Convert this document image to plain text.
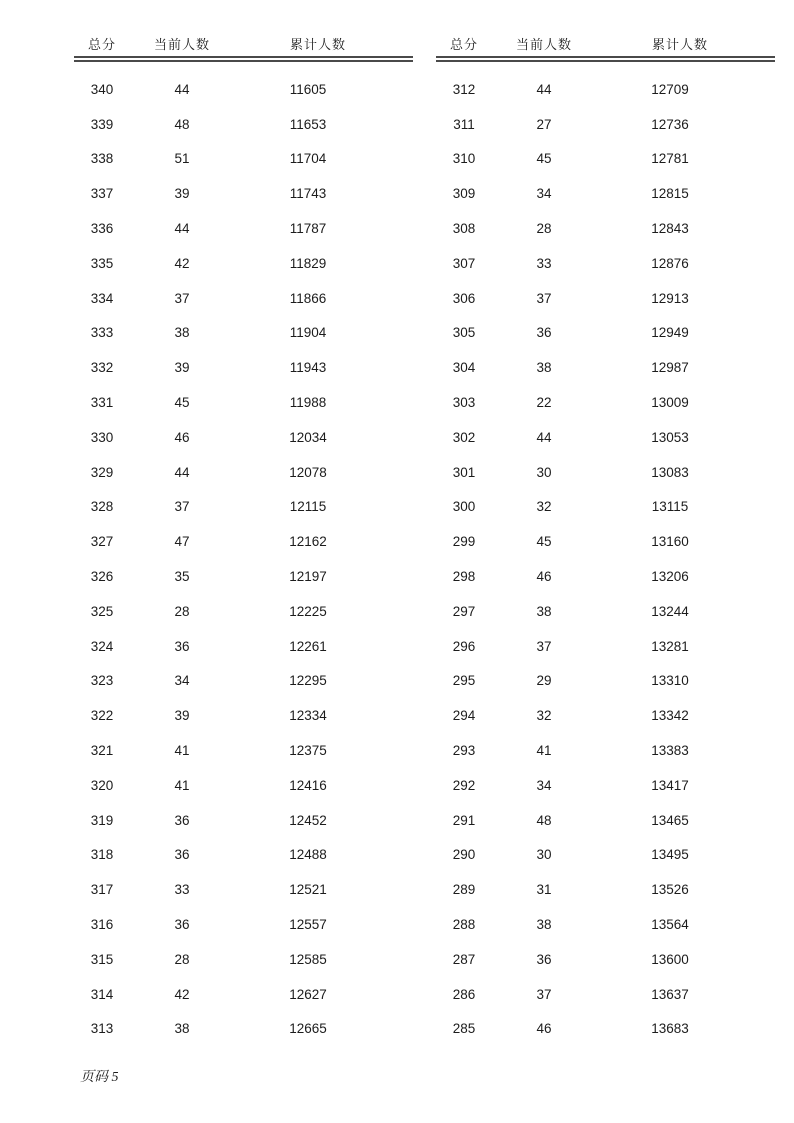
总分	当前人数	累计人数
340	44	11605
339	48	11653
338	51	11704
337	39	11743
336	44	11787
335	42	11829
334	37	11866
333	38	11904
332	39	11943
331	45	11988
330	46	12034
329	44	12078
328	37	12115
327	47	12162
326	35	12197
325	28	12225
324	36	12261
323	34	12295
322	39	12334
321	41	12375
320	41	12416
319	36	12452
318	36	12488
317	33	12521
316	36	12557
315	28	12585
314	42	12627
313	38	12665
总分	当前人数	累计人数
312	44	12709
311	27	12736
310	45	12781
309	34	12815
308	28	12843
307	33	12876
306	37	12913
305	36	12949
304	38	12987
303	22	13009
302	44	13053
301	30	13083
300	32	13115
299	45	13160
298	46	13206
297	38	13244
296	37	13281
295	29	13310
294	32	13342
293	41	13383
292	34	13417
291	48	13465
290	30	13495
289	31	13526
288	38	13564
287	36	13600
286	37	13637
285	46	13683
页码 5
